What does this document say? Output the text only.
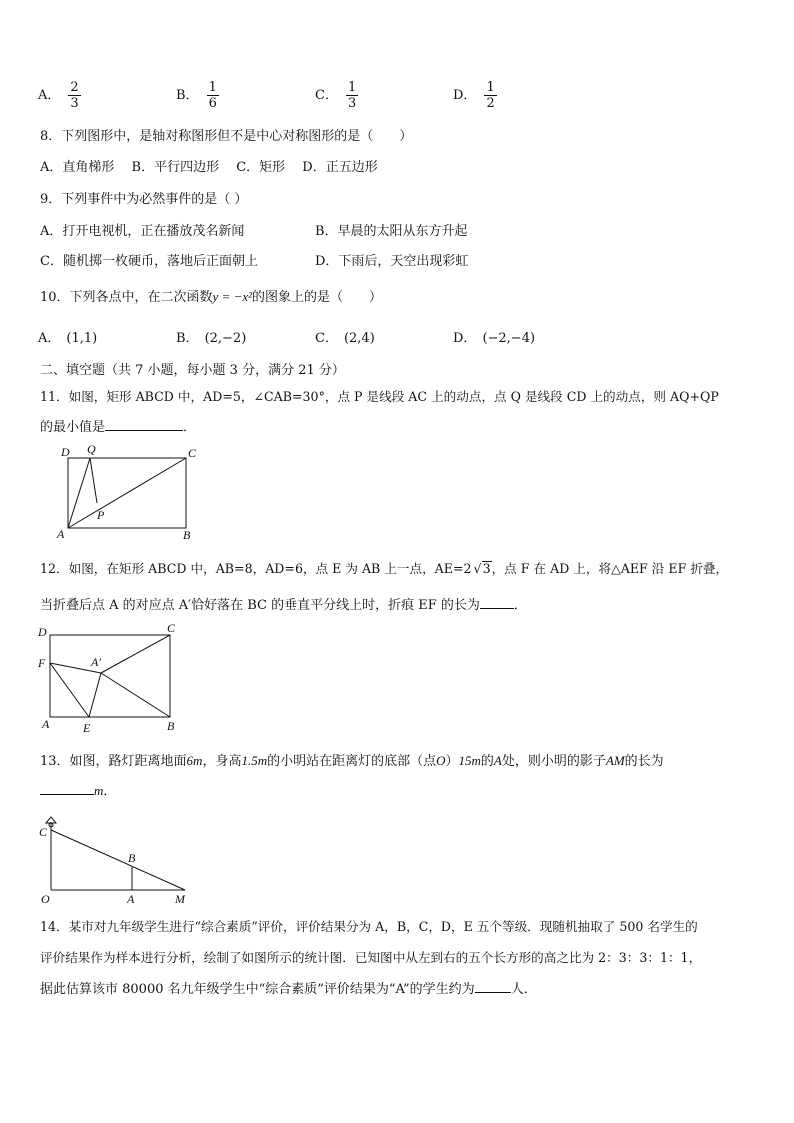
A． $\frac{2}{3}$	B． $\frac{1}{6}$	C． $\frac{1}{3}$	D． $\frac{1}{2}$
8．下列图形中，是轴对称图形但不是中心对称图形的是（　　）
A．直角梯形　 B．平行四边形　 C．矩形　 D．正五边形
9．下列事件中为必然事件的是（ ）
A．打开电视机，正在播放茂名新闻	B．早晨的太阳从东方升起
C．随机掷一枚硬币，落地后正面朝上	D．下雨后，天空出现彩虹
10．下列各点中，在二次函数y = −x²的图象上的是（　　）
A． (1,1)	B． (2,−2)	C． (2,4)	D． (−2,−4)
二、填空题（共 7 小题，每小题 3 分，满分 21 分）
11．如图，矩形 ABCD 中，AD=5，∠CAB=30°，点 P 是线段 AC 上的动点，点 Q 是线段 CD 上的动点，则 AQ+QP
的最小值是	．
D Q	C
P
A	B
12．如图，在矩形 ABCD 中，AB=8，AD=6，点 E 为 AB 上一点，AE=2 √3，点 F 在 AD 上，将△AEF 沿 EF 折叠，
当折叠后点 A 的对应点 A′恰好落在 BC 的垂直平分线上时，折痕 EF 的长为	．
D	C
F	A′
A	E	B
13．如图，路灯距离地面6m，身高1.5m的小明站在距离灯的底部（点O）15m的A处，则小明的影子AM的长为
m．
C
B
O	A	M
14．某市对九年级学生进行“综合素质”评价，评价结果分为 A，B，C，D，E 五个等级．现随机抽取了 500 名学生的
评价结果作为样本进行分析，绘制了如图所示的统计图．已知图中从左到右的五个长方形的高之比为 2：3：3：1：1，
据此估算该市 80000 名九年级学生中“综合素质”评价结果为“A”的学生约为	人．
